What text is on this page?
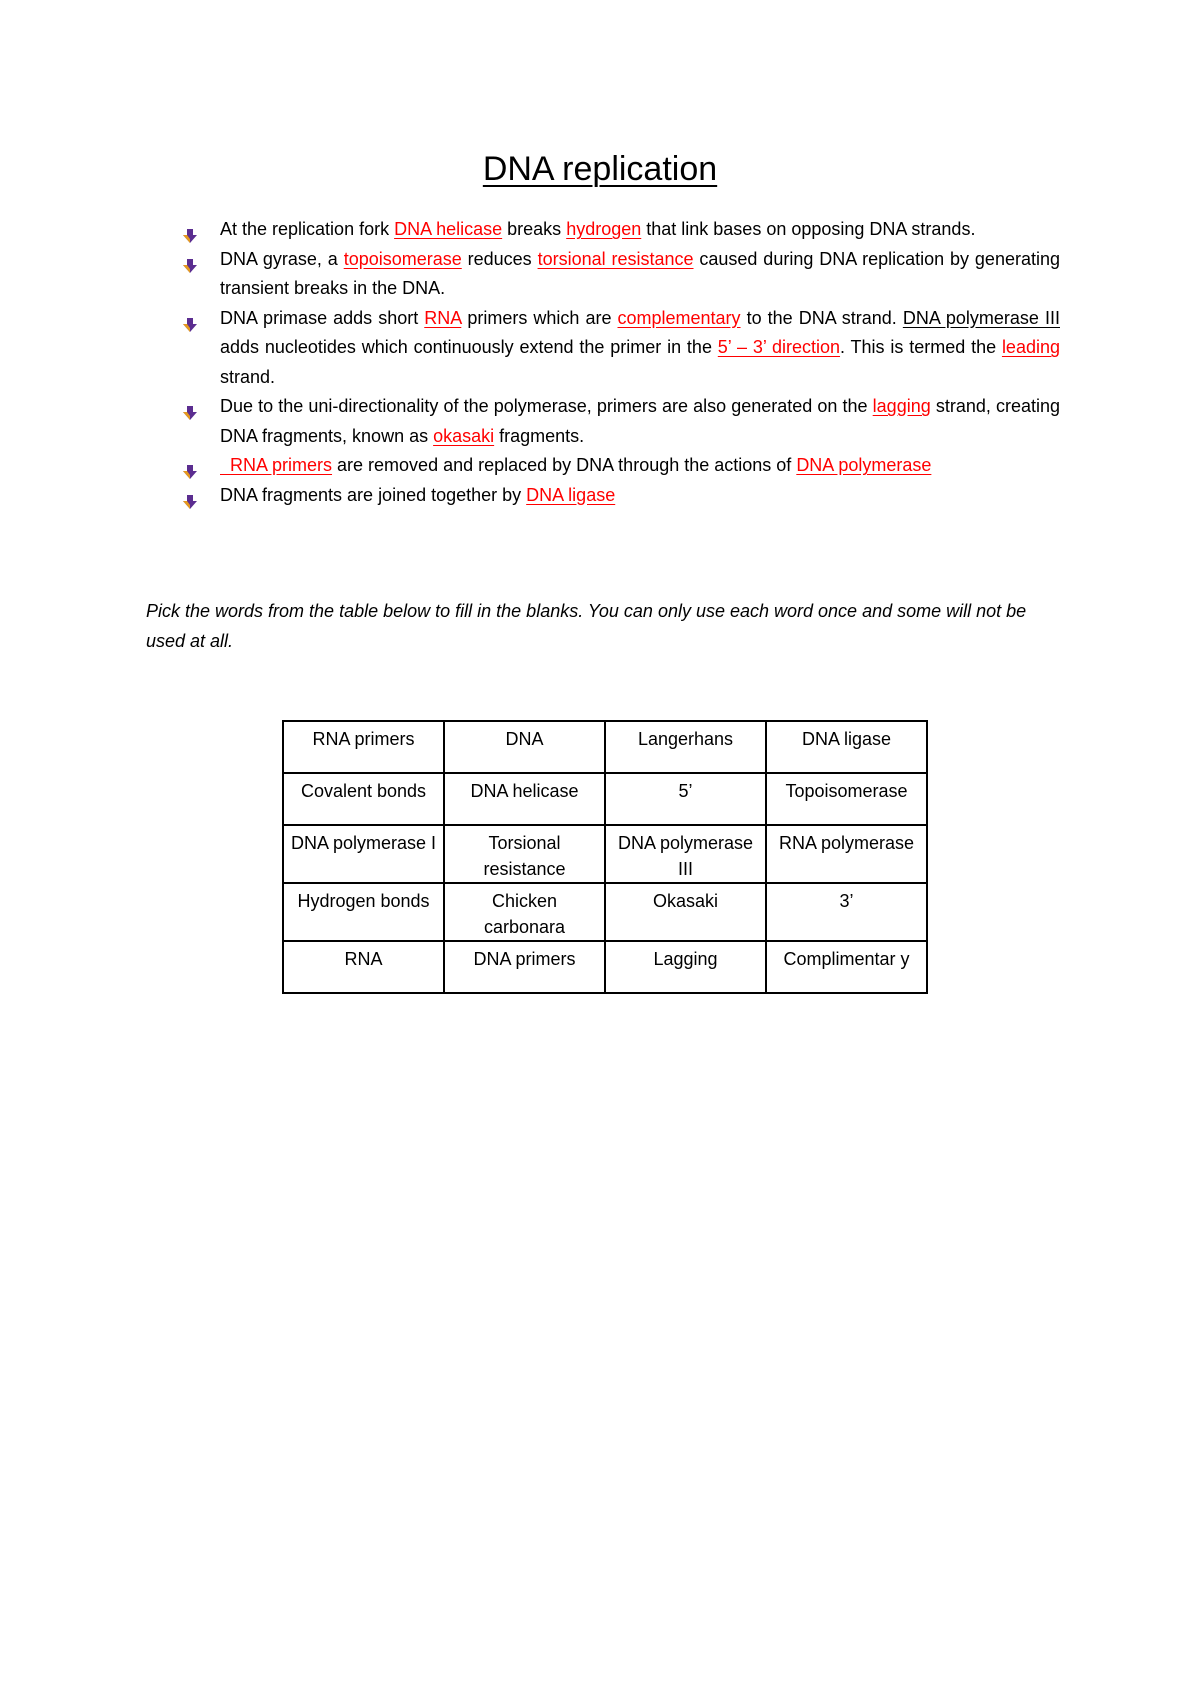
DNA replication
At the replication fork DNA helicase breaks hydrogen that link bases on opposing DNA strands.
DNA gyrase, a topoisomerase reduces torsional resistance caused during DNA replication by generating transient breaks in the DNA.
DNA primase adds short RNA primers which are complementary to the DNA strand. DNA polymerase III adds nucleotides which continuously extend the primer in the 5’ – 3’ direction. This is termed the leading strand.
Due to the uni-directionality of the polymerase, primers are also generated on the lagging strand, creating DNA fragments, known as okasaki fragments.
RNA primers are removed and replaced by DNA through the actions of DNA polymerase
DNA fragments are joined together by DNA ligase

Pick the words from the table below to fill in the blanks. You can only use each word once and some will not be used at all.

RNA primers	DNA	Langerhans	DNA ligase
Covalent bonds	DNA helicase	5’	Topoisomerase
DNA polymerase I	Torsional resistance	DNA polymerase III	RNA polymerase
Hydrogen bonds	Chicken carbonara	Okasaki	3’
RNA	DNA primers	Lagging	Complimentar y
